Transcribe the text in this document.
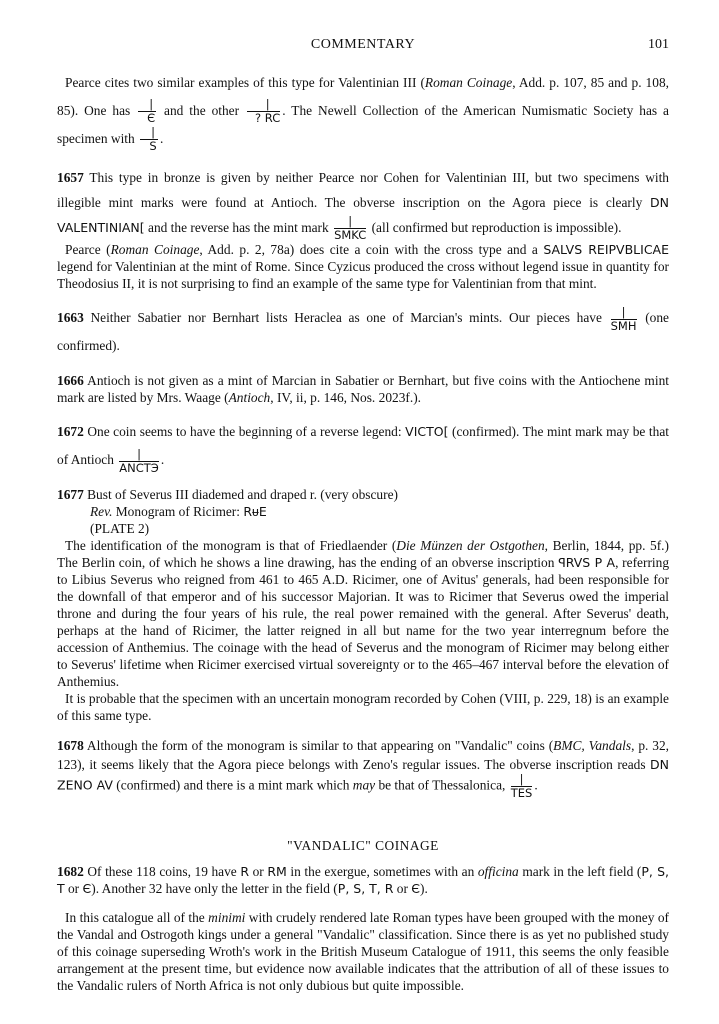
COMMENTARY	101

Pearce cites two similar examples of this type for Valentinian III (Roman Coinage, Add. p. 107, 85 and p. 108, 85). One has	|
Є
and the other	|
? RC
. The Newell Collection of the American Numismatic Society has a specimen with	|
S
.

1657 This type in bronze is given by neither Pearce nor Cohen for Valentinian III, but two specimens with illegible mint marks were found at Antioch. The obverse inscription on the Agora piece is clearly DN VALENTINIAN[ and the reverse has the mint mark	|
SMKC
(all confirmed but reproduction is impossible).

Pearce (Roman Coinage, Add. p. 2, 78a) does cite a coin with the cross type and a SALVS REIPVBLICAE legend for Valentinian at the mint of Rome. Since Cyzicus produced the cross without legend issue in quantity for Theodosius II, it is not surprising to find an example of the same type for Valentinian from that mint.

1663 Neither Sabatier nor Bernhart lists Heraclea as one of Marcian's mints. Our pieces have	|
SMH
(one confirmed).

1666 Antioch is not given as a mint of Marcian in Sabatier or Bernhart, but five coins with the Antiochene mint mark are listed by Mrs. Waage (Antioch, IV, ii, p. 146, Nos. 2023f.).

1672 One coin seems to have the beginning of a reverse legend: VICTO[ (confirmed). The mint mark may be that of Antioch	|
ANCTЭ
.

1677 Bust of Severus III diademed and draped r. (very obscure)

Rev. Monogram of Ricimer: RᵾE

(PLATE 2)

The identification of the monogram is that of Friedlaender (Die Münzen der Ostgothen, Berlin, 1844, pp. 5f.) The Berlin coin, of which he shows a line drawing, has the ending of an obverse inscription ꟼRVS P A, referring to Libius Severus who reigned from 461 to 465 A.D. Ricimer, one of Avitus' generals, had been responsible for the downfall of that emperor and of his successor Majorian. It was to Ricimer that Severus owed the imperial throne and during the four years of his rule, the real power remained with the general. After Severus' death, perhaps at the hand of Ricimer, the latter reigned in all but name for the two year interregnum before the accession of Anthemius. The coinage with the head of Severus and the monogram of Ricimer may belong either to Severus' lifetime when Ricimer exercised virtual sovereignty or to the 465–467 interval before the elevation of Anthemius.

It is probable that the specimen with an uncertain monogram recorded by Cohen (VIII, p. 229, 18) is an example of this same type.

1678 Although the form of the monogram is similar to that appearing on "Vandalic" coins (BMC, Vandals, p. 32, 123), it seems likely that the Agora piece belongs with Zeno's regular issues. The obverse inscription reads DN ZENO AV (confirmed) and there is a mint mark which may be that of Thessalonica, |
TES
.

"VANDALIC" COINAGE

1682 Of these 118 coins, 19 have R or RM in the exergue, sometimes with an officina mark in the left field (P, S, T or Є). Another 32 have only the letter in the field (P, S, T, R or Є).

In this catalogue all of the minimi with crudely rendered late Roman types have been grouped with the money of the Vandal and Ostrogoth kings under a general "Vandalic" classification. Since there is as yet no published study of this coinage superseding Wroth's work in the British Museum Catalogue of 1911, this seems the only feasible arrangement at the present time, but evidence now available indicates that the attribution of all of these issues to the Vandalic rulers of North Africa is not only dubious but quite impossible.
